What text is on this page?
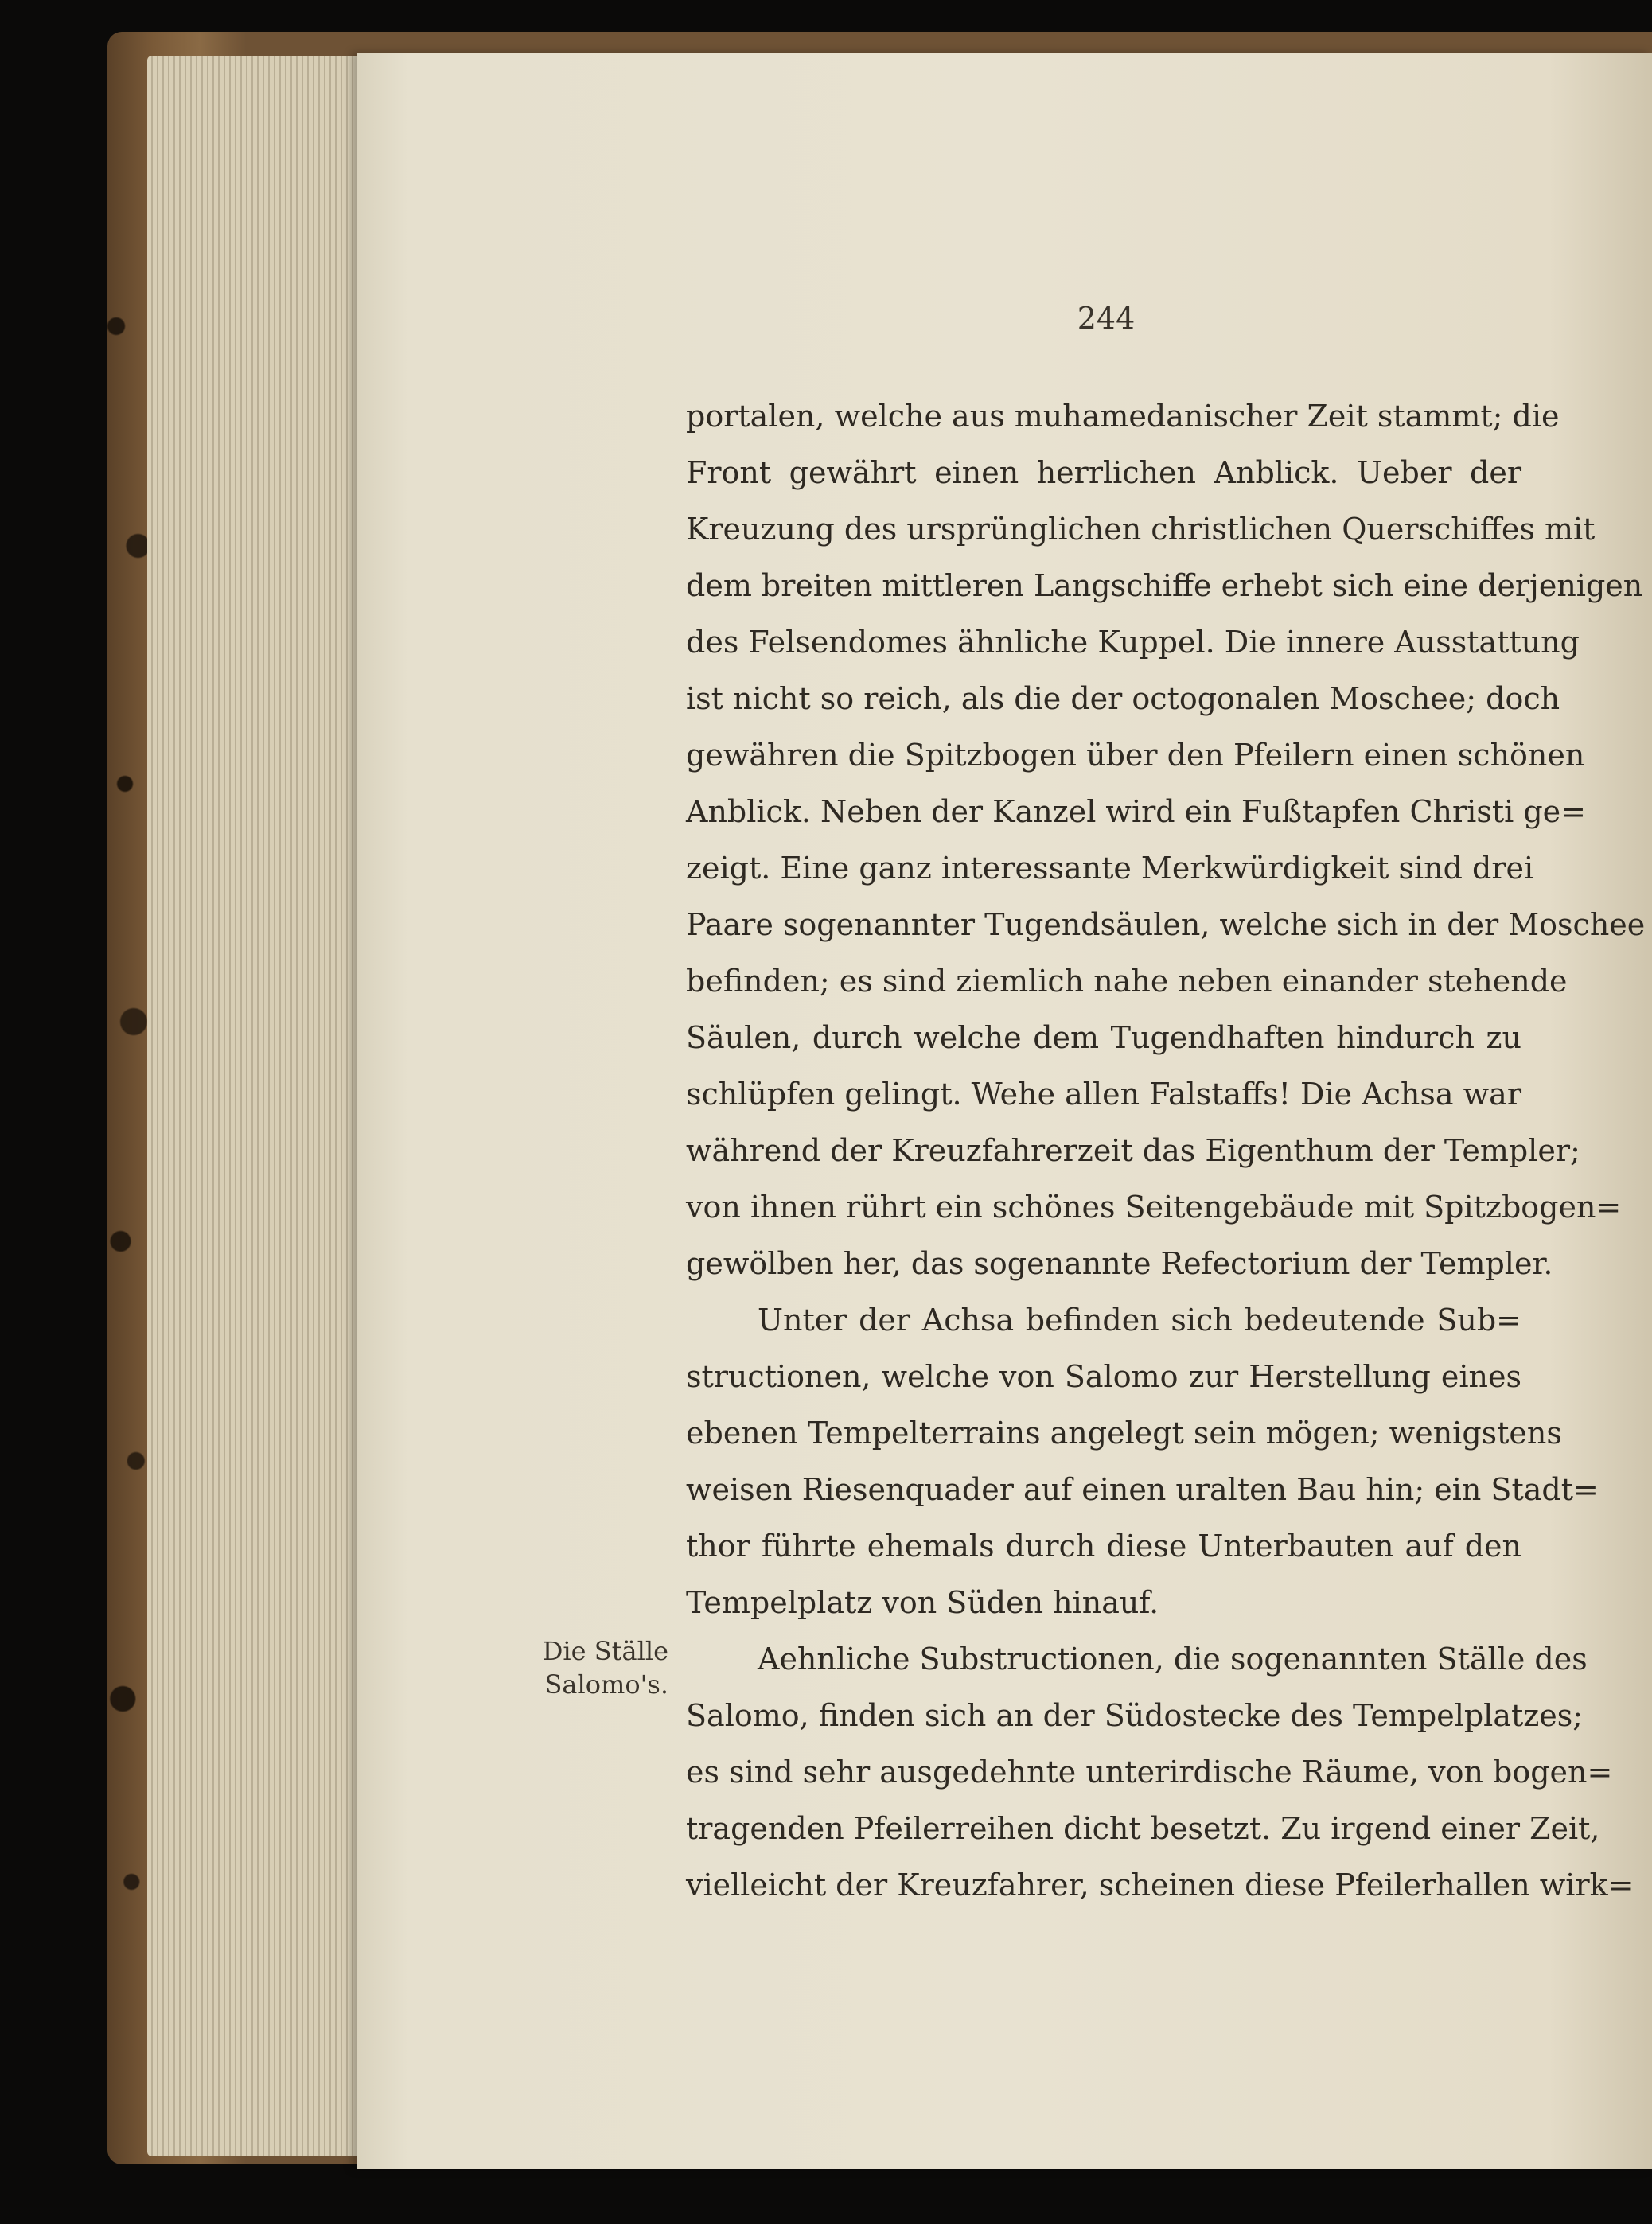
244
portalen, welche aus muhamedanischer Zeit stammt; die
Front gewährt einen herrlichen Anblick. Ueber der
Kreuzung des ursprünglichen christlichen Querschiffes mit
dem breiten mittleren Langschiffe erhebt sich eine derjenigen
des Felsendomes ähnliche Kuppel. Die innere Ausstattung
ist nicht so reich, als die der octogonalen Moschee; doch
gewähren die Spitzbogen über den Pfeilern einen schönen
Anblick. Neben der Kanzel wird ein Fußtapfen Christi ge=
zeigt. Eine ganz interessante Merkwürdigkeit sind drei
Paare sogenannter Tugendsäulen, welche sich in der Moschee
befinden; es sind ziemlich nahe neben einander stehende
Säulen, durch welche dem Tugendhaften hindurch zu
schlüpfen gelingt. Wehe allen Falstaffs! Die Achsa war
während der Kreuzfahrerzeit das Eigenthum der Templer;
von ihnen rührt ein schönes Seitengebäude mit Spitzbogen=
gewölben her, das sogenannte Refectorium der Templer.
Unter der Achsa befinden sich bedeutende Sub=
structionen, welche von Salomo zur Herstellung eines
ebenen Tempelterrains angelegt sein mögen; wenigstens
weisen Riesenquader auf einen uralten Bau hin; ein Stadt=
thor führte ehemals durch diese Unterbauten auf den
Tempelplatz von Süden hinauf.
Aehnliche Substructionen, die sogenannten Ställe des
Salomo, finden sich an der Südostecke des Tempelplatzes;
es sind sehr ausgedehnte unterirdische Räume, von bogen=
tragenden Pfeilerreihen dicht besetzt. Zu irgend einer Zeit,
vielleicht der Kreuzfahrer, scheinen diese Pfeilerhallen wirk=
Die Ställe
Salomo's.
